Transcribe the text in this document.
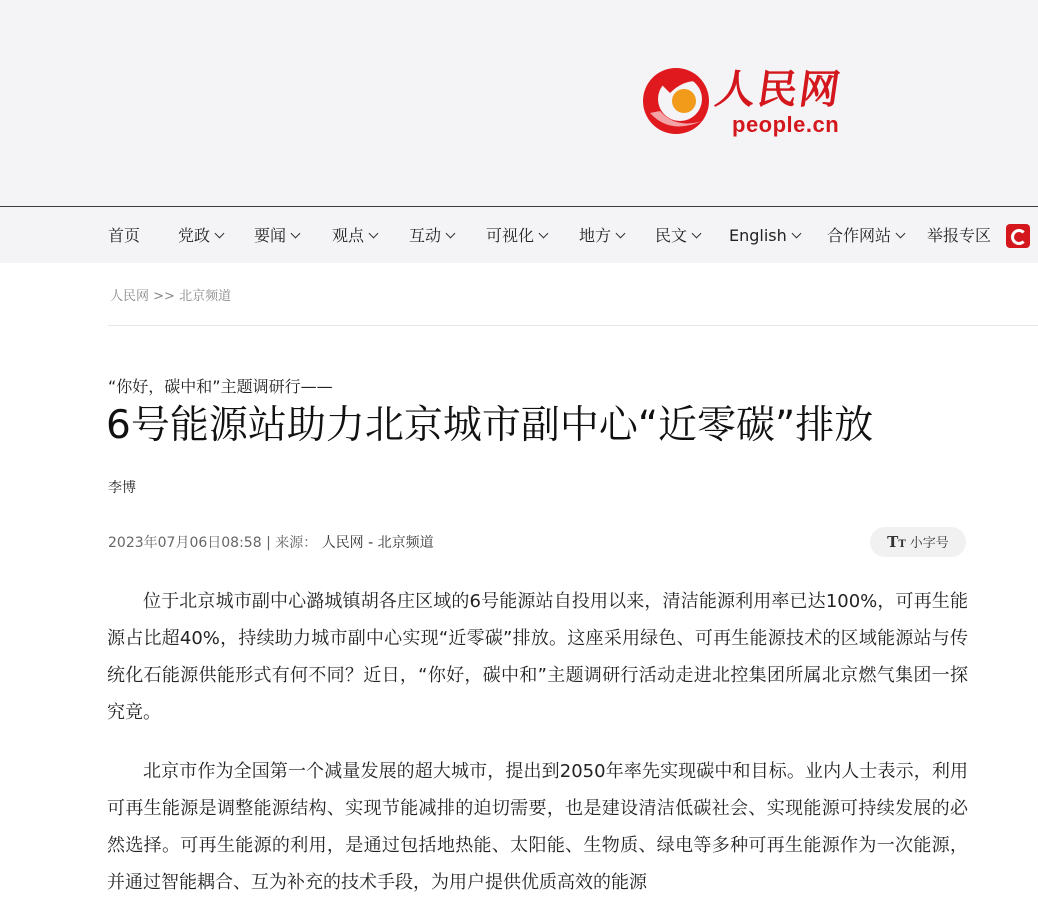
人民网
people.cn
首页 党政	要闻	观点	互动	可视化	地方	民文	English	合作网站	举报专区
人民网 >> 北京频道
“你好，碳中和”主题调研行——
6号能源站助力北京城市副中心“近零碳”排放
李博
2023年07月06日08:58 | 来源： 人民网 - 北京频道	TT 小字号

位于北京城市副中心潞城镇胡各庄区域的6号能源站自投用以来，清洁能源利用率已达100%，可再生能源占比超40%，持续助力城市副中心实现“近零碳”排放。这座采用绿色、可再生能源技术的区域能源站与传统化石能源供能形式有何不同？近日，“你好，碳中和”主题调研行活动走进北控集团所属北京燃气集团一探究竟。

北京市作为全国第一个减量发展的超大城市，提出到2050年率先实现碳中和目标。业内人士表示，利用可再生能源是调整能源结构、实现节能减排的迫切需要，也是建设清洁低碳社会、实现能源可持续发展的必然选择。可再生能源的利用，是通过包括地热能、太阳能、生物质、绿电等多种可再生能源作为一次能源，并通过智能耦合、互为补充的技术手段，为用户提供优质高效的能源
